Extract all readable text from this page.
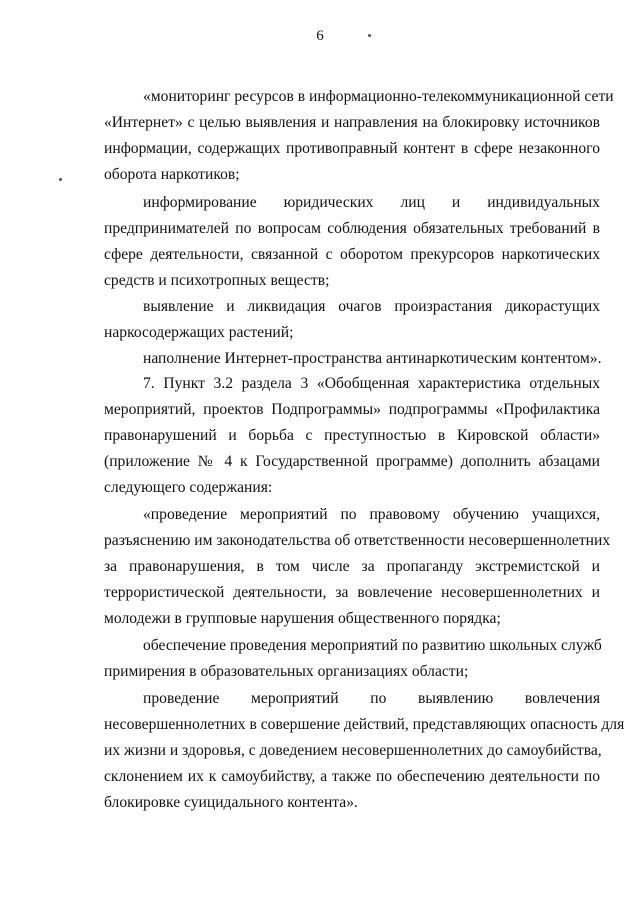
6
«мониторинг ресурсов в информационно-телекоммуникационной сети
«Интернет» с целью выявления и направления на блокировку источников
информации, содержащих противоправный контент в сфере незаконного
оборота наркотиков;
информирование юридических лиц и индивидуальных
предпринимателей по вопросам соблюдения обязательных требований в
сфере деятельности, связанной с оборотом прекурсоров наркотических
средств и психотропных веществ;
выявление и ликвидация очагов произрастания дикорастущих
наркосодержащих растений;
наполнение Интернет-пространства антинаркотическим контентом».
7. Пункт 3.2 раздела 3 «Обобщенная характеристика отдельных
мероприятий, проектов Подпрограммы» подпрограммы «Профилактика
правонарушений и борьба с преступностью в Кировской области»
(приложение № 4 к Государственной программе) дополнить абзацами
следующего содержания:
«проведение мероприятий по правовому обучению учащихся,
разъяснению им законодательства об ответственности несовершеннолетних
за правонарушения, в том числе за пропаганду экстремистской и
террористической деятельности, за вовлечение несовершеннолетних и
молодежи в групповые нарушения общественного порядка;
обеспечение проведения мероприятий по развитию школьных служб
примирения в образовательных организациях области;
проведение мероприятий по выявлению вовлечения
несовершеннолетних в совершение действий, представляющих опасность для
их жизни и здоровья, с доведением несовершеннолетних до самоубийства,
склонением их к самоубийству, а также по обеспечению деятельности по
блокировке суицидального контента».
